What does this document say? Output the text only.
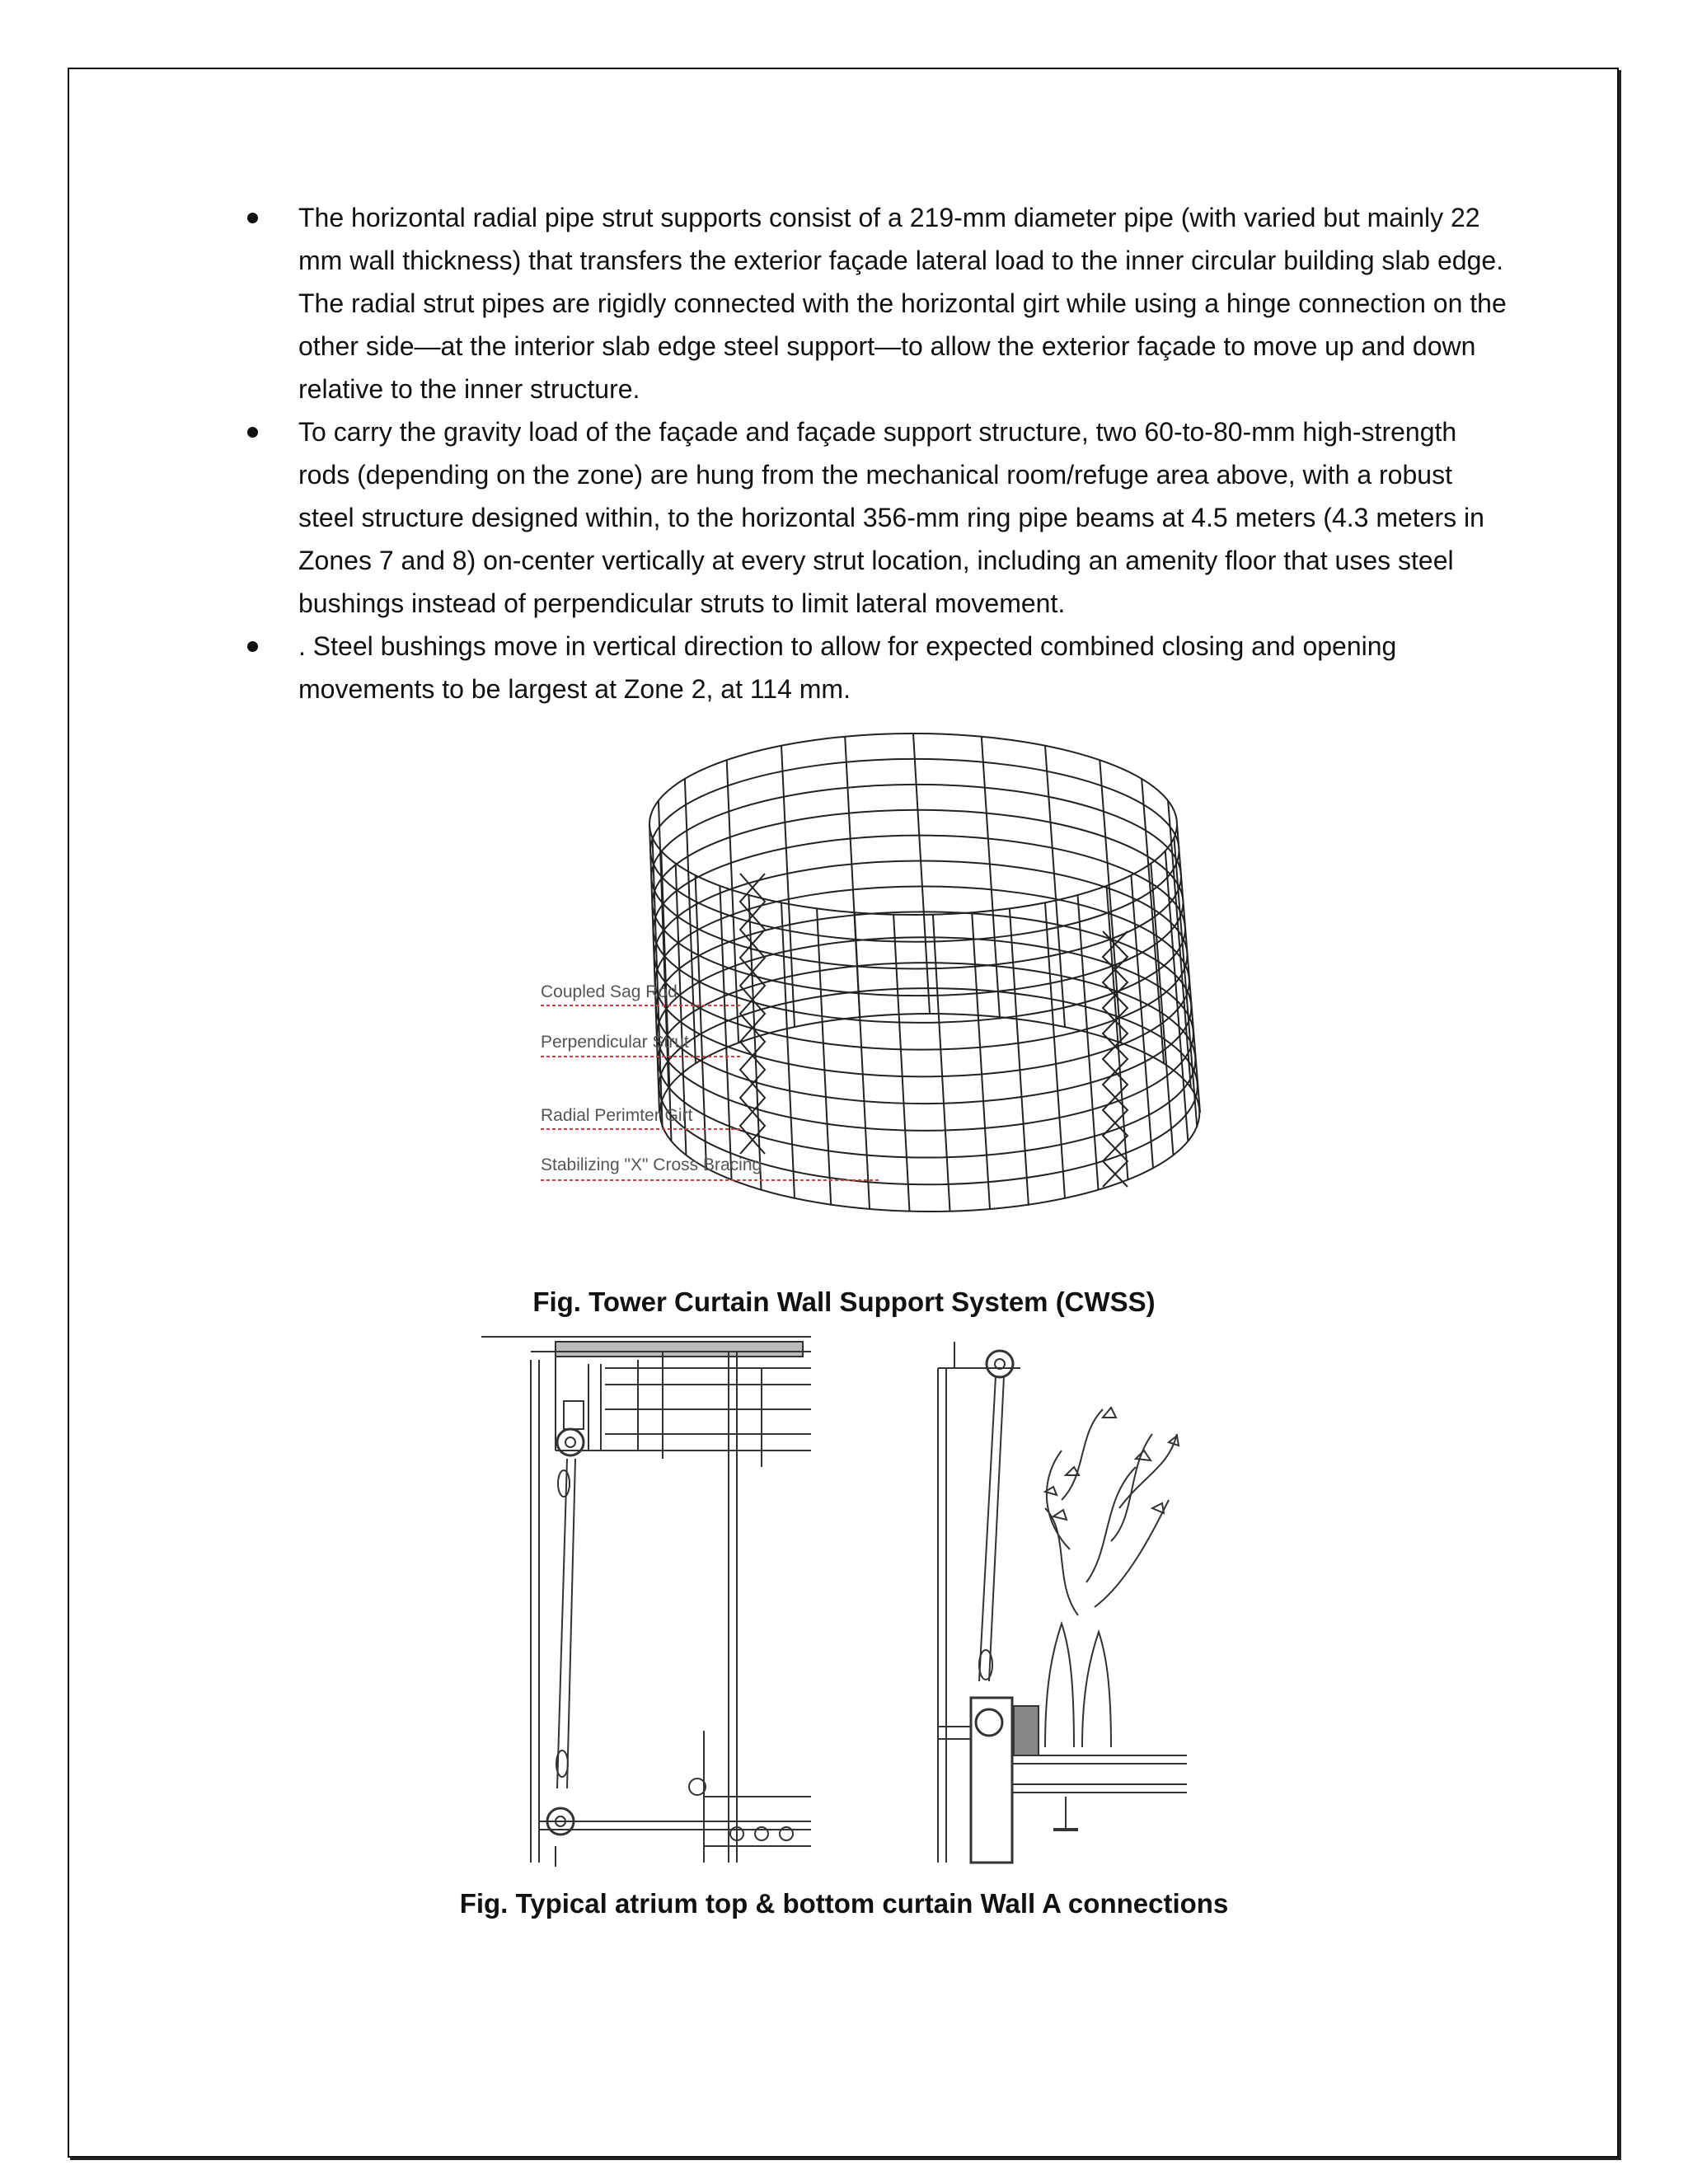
The horizontal radial pipe strut supports consist of a 219-mm diameter pipe (with varied but mainly 22 mm wall thickness) that transfers the exterior façade lateral load to the inner circular building slab edge. The radial strut pipes are rigidly connected with the horizontal girt while using a hinge connection on the other side—at the interior slab edge steel support—to allow the exterior façade to move up and down relative to the inner structure.
To carry the gravity load of the façade and façade support structure, two 60-to-80-mm high-strength rods (depending on the zone) are hung from the mechanical room/refuge area above, with a robust steel structure designed within, to the horizontal 356-mm ring pipe beams at 4.5 meters (4.3 meters in Zones 7 and 8) on-center vertically at every strut location, including an amenity floor that uses steel bushings instead of perpendicular struts to limit lateral movement.
. Steel bushings move in vertical direction to allow for expected combined closing and opening movements to be largest at Zone 2, at 114 mm.
Coupled Sag Rod
Perpendicular Strut
Radial Perimter Girt
Stabilizing "X" Cross Bracing
Fig. Tower Curtain Wall Support System (CWSS)
Fig. Typical atrium top & bottom curtain Wall A connections
